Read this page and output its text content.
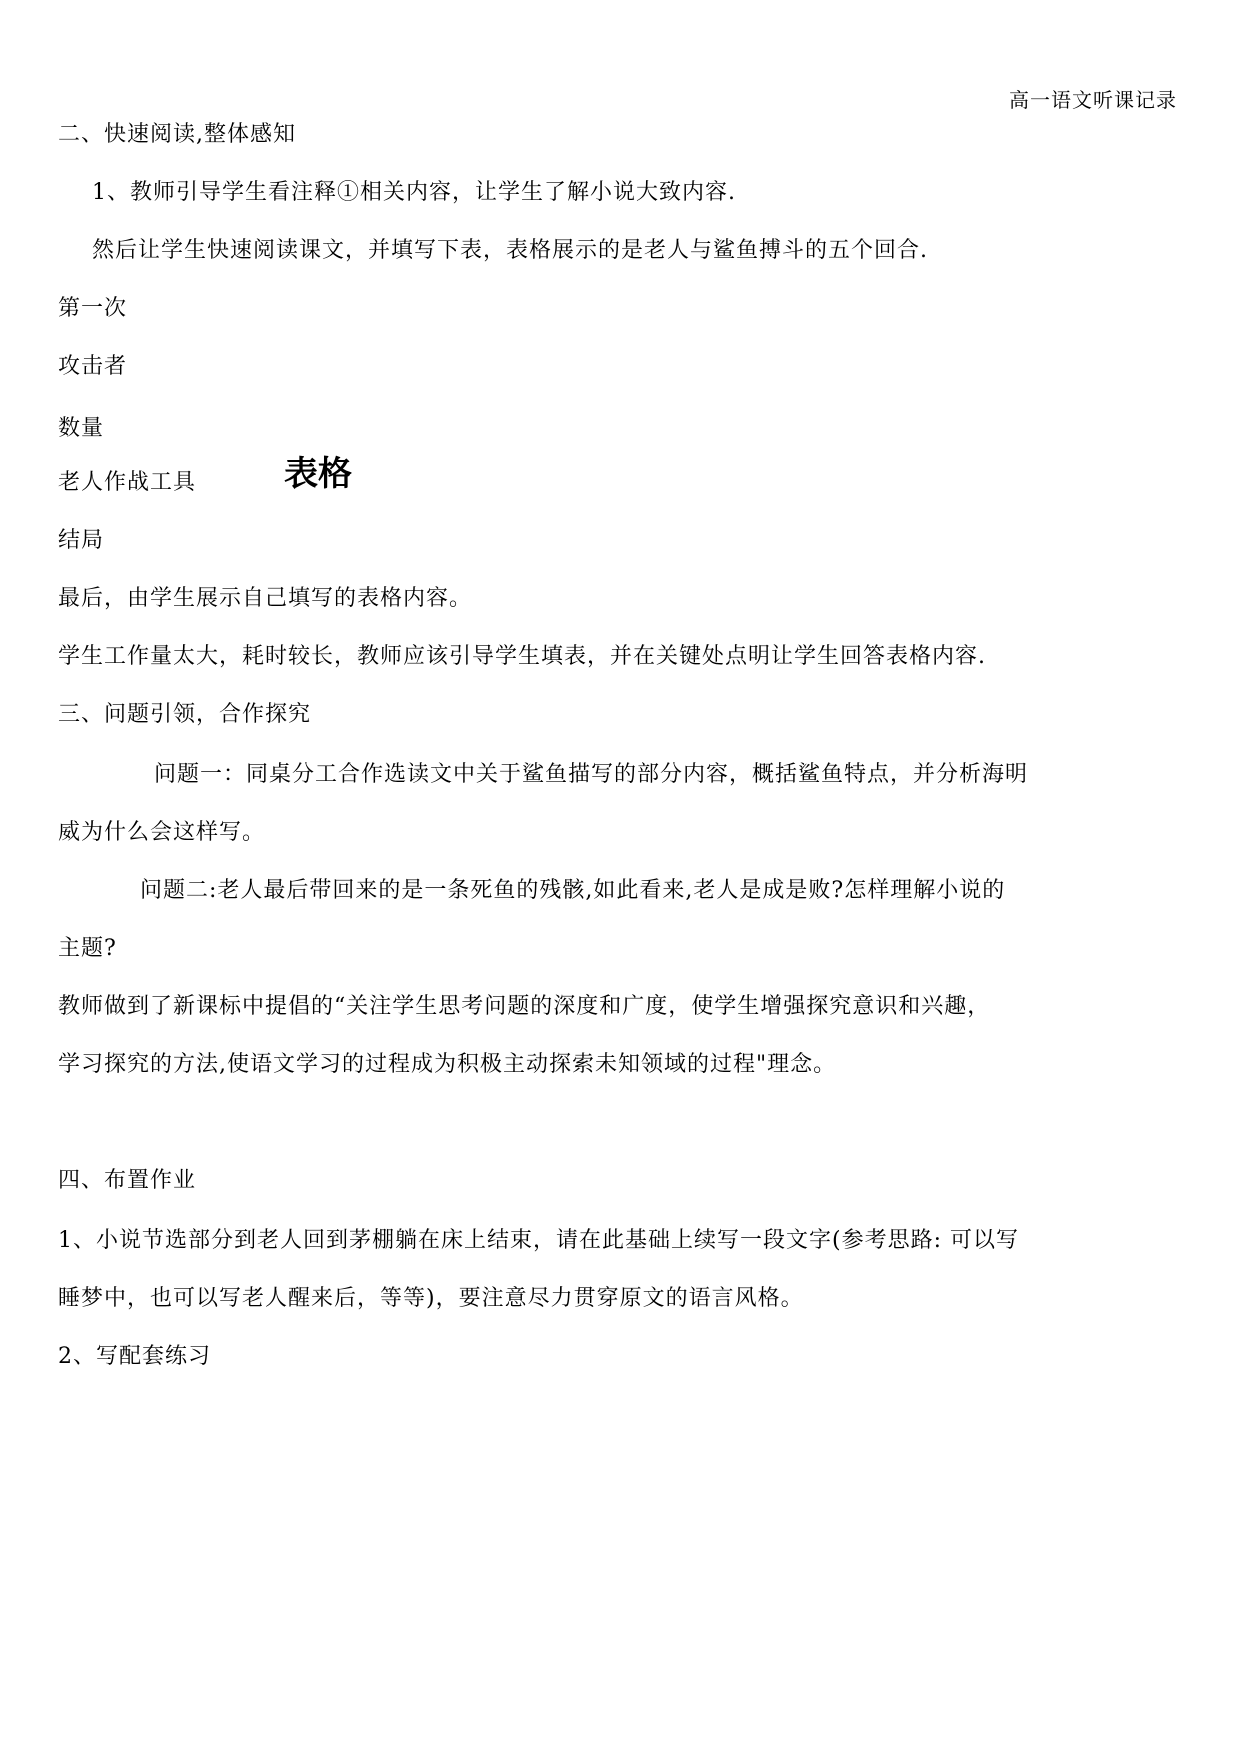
高一语文听课记录
二、快速阅读,整体感知
1、教师引导学生看注释①相关内容，让学生了解小说大致内容.
然后让学生快速阅读课文，并填写下表，表格展示的是老人与鲨鱼搏斗的五个回合.
第一次
攻击者
数量
表格
老人作战工具
结局
最后，由学生展示自己填写的表格内容。
学生工作量太大，耗时较长，教师应该引导学生填表，并在关键处点明让学生回答表格内容.
三、问题引领，合作探究
问题一：同桌分工合作选读文中关于鲨鱼描写的部分内容，概括鲨鱼特点，并分析海明
威为什么会这样写。
问题二:老人最后带回来的是一条死鱼的残骸,如此看来,老人是成是败?怎样理解小说的
主题?
教师做到了新课标中提倡的“关注学生思考问题的深度和广度，使学生增强探究意识和兴趣，
学习探究的方法,使语文学习的过程成为积极主动探索未知领域的过程"理念。
四、布置作业
1、小说节选部分到老人回到茅棚躺在床上结束，请在此基础上续写一段文字(参考思路: 可以写
睡梦中，也可以写老人醒来后，等等)，要注意尽力贯穿原文的语言风格。
2、写配套练习
